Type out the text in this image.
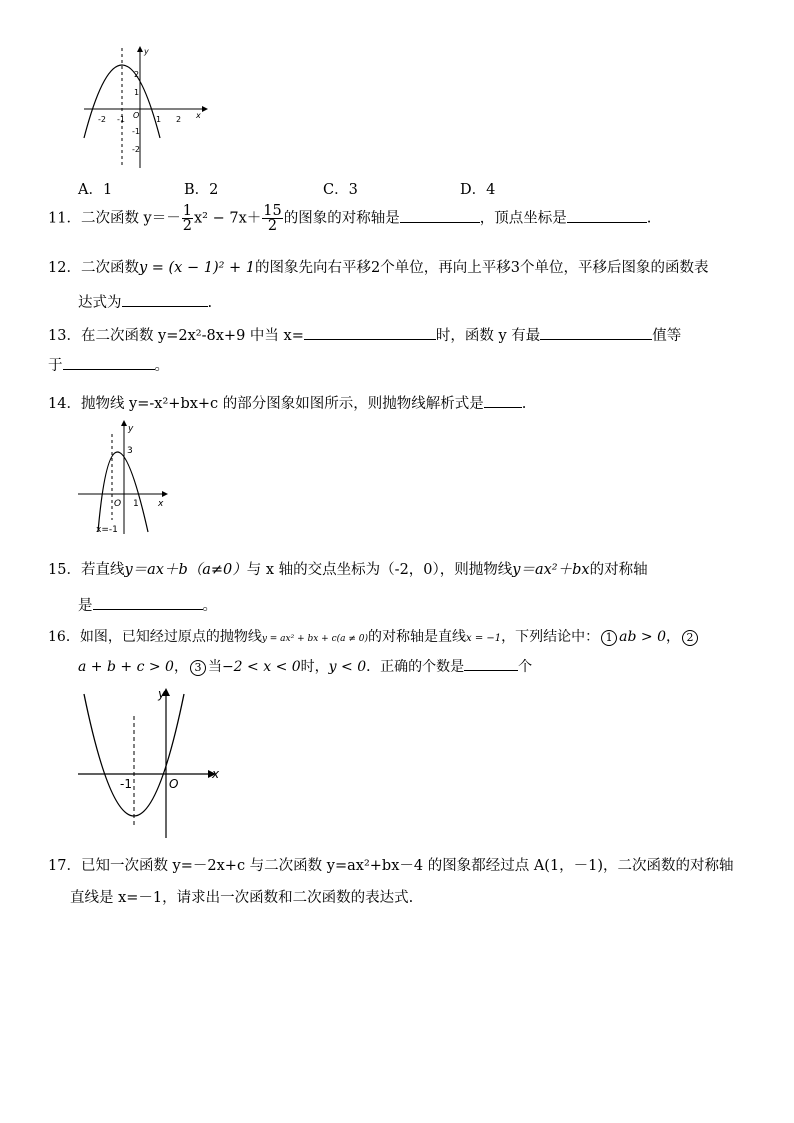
y
x
O
2
1
-1
-2
-2 -1	1 2
A．1	B．2	C．3	D．4
11．二次函数 $y=- \frac{1}{2} x^2 - 7x+ \frac{15}{2}$ 的图象的对称轴是	，顶点坐标是	.
12．二次函数y = (x − 1)² + 1的图象先向右平移2个单位，再向上平移3个单位，平移后图象的函数表
达式为	.
13．在二次函数 y=2x²-8x+9 中当 x=	时，函数 y 有最	值等
于	。
14．抛物线 y=-x²+bx+c 的部分图象如图所示，则抛物线解析式是	.
y
x
O
3
1
x=-1
15．若直线y＝ax＋b（a≠0）与 x 轴的交点坐标为（-2，0），则抛物线y＝ax²＋bx的对称轴
是	。
16．如图，已知经过原点的抛物线y = ax² + bx + c(a ≠ 0)的对称轴是直线x = −1，下列结论中： 1 ab > 0， 2
a + b + c > 0， 3 当−2 < x < 0时，y < 0．正确的个数是	个
y
x
O
-1
17．已知一次函数 y=－2x+c 与二次函数 y=ax²+bx－4 的图象都经过点 A(1，－1)，二次函数的对称轴
直线是 x=－1，请求出一次函数和二次函数的表达式.
